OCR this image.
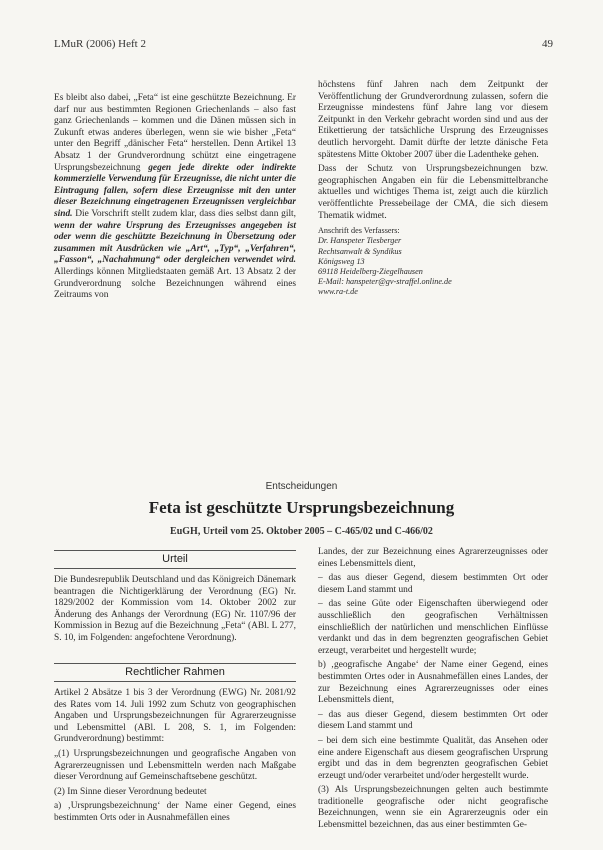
LMuR (2006) Heft 2	49

Es bleibt also dabei, „Feta“ ist eine geschützte Bezeichnung. Er darf nur aus bestimmten Regionen Griechenlands – also fast ganz Griechenlands – kommen und die Dänen müssen sich in Zukunft etwas anderes überlegen, wenn sie wie bisher „Feta“ unter den Begriff „dänischer Feta“ herstellen. Denn Artikel 13 Absatz 1 der Grundverordnung schützt eine eingetragene Ursprungsbezeichnung gegen jede direkte oder indirekte kommerzielle Verwendung für Erzeugnisse, die nicht unter die Eintragung fallen, sofern diese Erzeugnisse mit den unter dieser Bezeichnung eingetragenen Erzeugnissen vergleichbar sind. Die Vorschrift stellt zudem klar, dass dies selbst dann gilt, wenn der wahre Ursprung des Erzeugnisses angegeben ist oder wenn die geschützte Bezeichnung in Übersetzung oder zusammen mit Ausdrücken wie „Art“, „Typ“, „Verfahren“, „Fasson“, „Nachahmung“ oder dergleichen verwendet wird. Allerdings können Mitgliedstaaten gemäß Art. 13 Absatz 2 der Grundverordnung solche Bezeichnungen während eines Zeitraums von

höchstens fünf Jahren nach dem Zeitpunkt der Veröffentlichung der Grundverordnung zulassen, sofern die Erzeugnisse mindestens fünf Jahre lang vor diesem Zeitpunkt in den Verkehr gebracht worden sind und aus der Etikettierung der tatsächliche Ursprung des Erzeugnisses deutlich hervorgeht. Damit dürfte der letzte dänische Feta spätestens Mitte Oktober 2007 über die Ladentheke gehen.

Dass der Schutz von Ursprungsbezeichnungen bzw. geographischen Angaben ein für die Lebensmittelbranche aktuelles und wichtiges Thema ist, zeigt auch die kürzlich veröffentlichte Pressebeilage der CMA, die sich diesem Thematik widmet.

Anschrift des Verfassers:
Dr. Hanspeter Tiesberger
Rechtsanwalt & Syndikus
Königsweg 13
69118 Heidelberg-Ziegelhausen
E-Mail: hanspeter@gv-straffel.online.de
www.ra-t.de
Entscheidungen
Feta ist geschützte Ursprungsbezeichnung
EuGH, Urteil vom 25. Oktober 2005 – C-465/02 und C-466/02
Urteil

Die Bundesrepublik Deutschland und das Königreich Dänemark beantragen die Nichtigerklärung der Verordnung (EG) Nr. 1829/2002 der Kommission vom 14. Oktober 2002 zur Änderung des Anhangs der Verordnung (EG) Nr. 1107/96 der Kommission in Bezug auf die Bezeichnung „Feta“ (ABl. L 277, S. 10, im Folgenden: angefochtene Verordnung).

Rechtlicher Rahmen

Artikel 2 Absätze 1 bis 3 der Verordnung (EWG) Nr. 2081/92 des Rates vom 14. Juli 1992 zum Schutz von geographischen Angaben und Ursprungsbezeichnungen für Agrarerzeugnisse und Lebensmittel (ABl. L 208, S. 1, im Folgenden: Grundverordnung) bestimmt:

„(1) Ursprungsbezeichnungen und geografische Angaben von Agrarerzeugnissen und Lebensmitteln werden nach Maßgabe dieser Verordnung auf Gemeinschaftsebene geschützt.

(2) Im Sinne dieser Verordnung bedeutet

a) ‚Ursprungsbezeichnung‘ der Name einer Gegend, eines bestimmten Orts oder in Ausnahmefällen eines

Landes, der zur Bezeichnung eines Agrarerzeugnisses oder eines Lebensmittels dient,

– das aus dieser Gegend, diesem bestimmten Ort oder diesem Land stammt und

– das seine Güte oder Eigenschaften überwiegend oder ausschließlich den geografischen Verhältnissen einschließlich der natürlichen und menschlichen Einflüsse verdankt und das in dem begrenzten geografischen Gebiet erzeugt, verarbeitet und hergestellt wurde;

b) ‚geografische Angabe‘ der Name einer Gegend, eines bestimmten Ortes oder in Ausnahmefällen eines Landes, der zur Bezeichnung eines Agrarerzeugnisses oder eines Lebensmittels dient,

– das aus dieser Gegend, diesem bestimmten Ort oder diesem Land stammt und

– bei dem sich eine bestimmte Qualität, das Ansehen oder eine andere Eigenschaft aus diesem geografischen Ursprung ergibt und das in dem begrenzten geografischen Gebiet erzeugt und/oder verarbeitet und/oder hergestellt wurde.

(3) Als Ursprungsbezeichnungen gelten auch bestimmte traditionelle geografische oder nicht geografische Bezeichnungen, wenn sie ein Agrarerzeugnis oder ein Lebensmittel bezeichnen, das aus einer bestimmten Ge-
